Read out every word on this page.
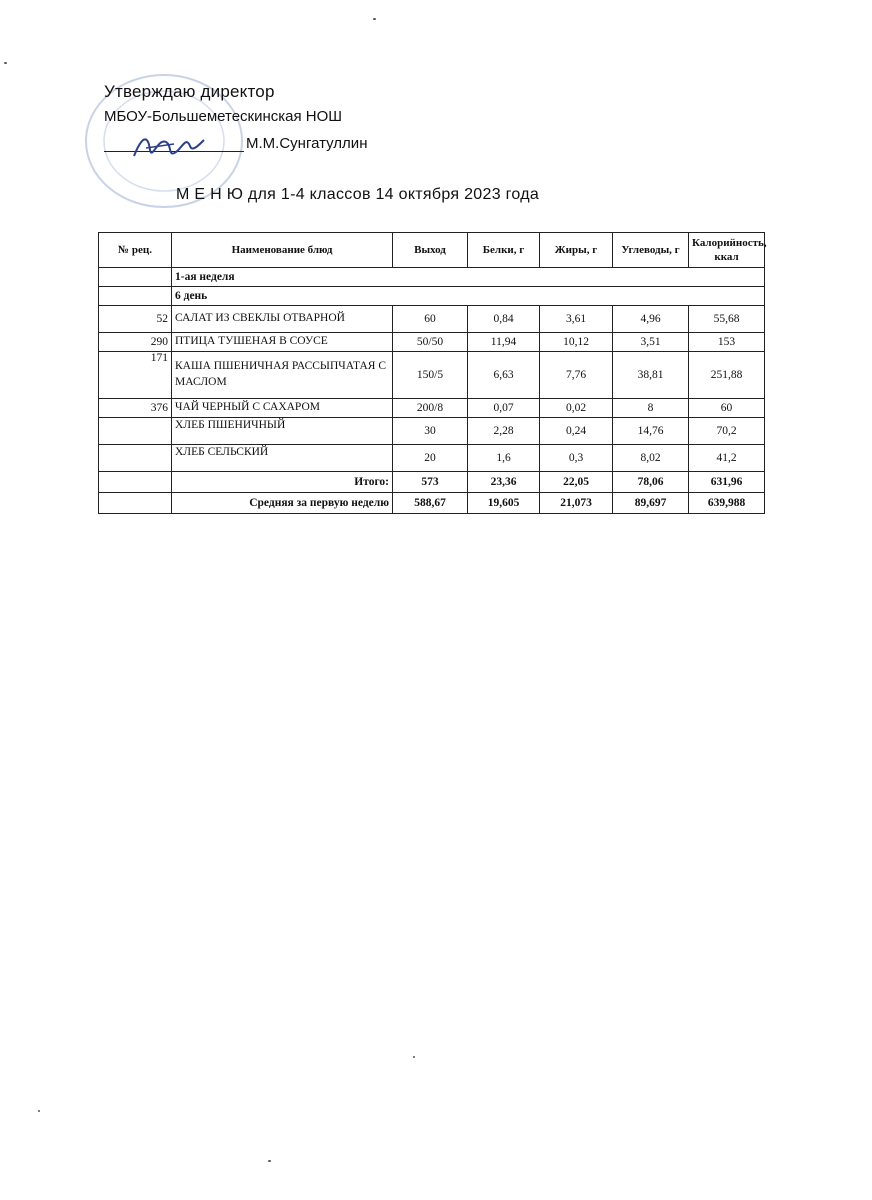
Утверждаю директор
МБОУ-Большеметескинская НОШ
М.М.Сунгатуллин
М Е Н Ю для 1-4 классов 14 октября 2023 года
№ рец.	Наименование блюд	Выход	Белки, г	Жиры, г	Углеводы, г	Калорийность, ккал
	1-ая неделя					
	6 день					
52	САЛАТ ИЗ СВЕКЛЫ ОТВАРНОЙ	60	0,84	3,61	4,96	55,68
290	ПТИЦА ТУШЕНАЯ В СОУСЕ	50/50	11,94	10,12	3,51	153
171	КАША ПШЕНИЧНАЯ РАССЫПЧАТАЯ С МАСЛОМ	150/5	6,63	7,76	38,81	251,88
376	ЧАЙ ЧЕРНЫЙ С САХАРОМ	200/8	0,07	0,02	8	60
	ХЛЕБ ПШЕНИЧНЫЙ	30	2,28	0,24	14,76	70,2
	ХЛЕБ СЕЛЬСКИЙ	20	1,6	0,3	8,02	41,2
	Итого:	573	23,36	22,05	78,06	631,96
	Средняя за первую неделю	588,67	19,605	21,073	89,697	639,988
